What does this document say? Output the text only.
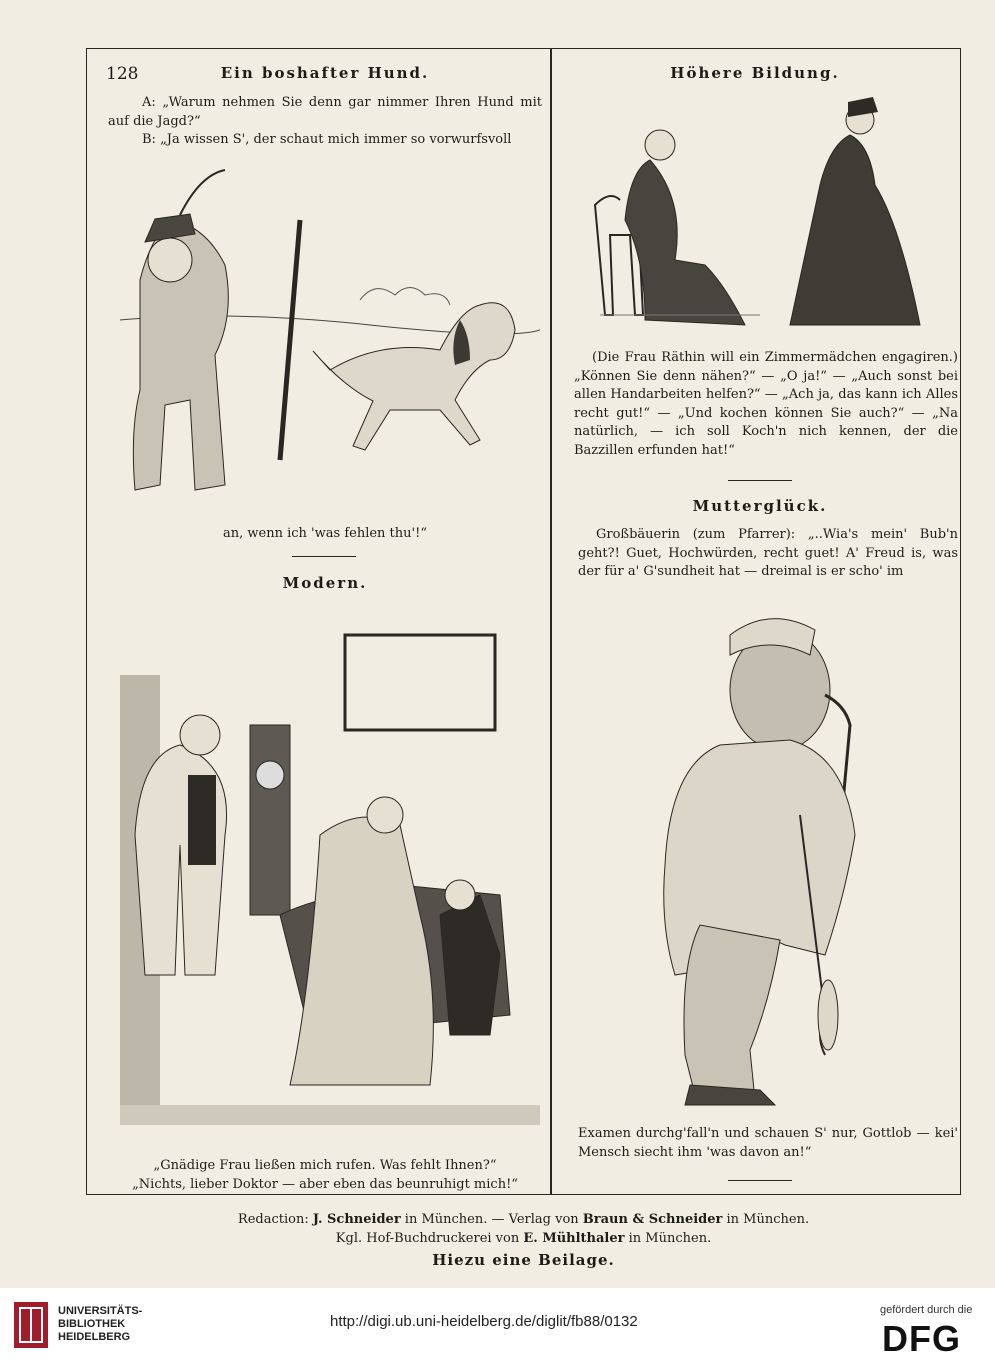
128	Ein boshafter Hund.

A: „Warum nehmen Sie denn gar nimmer Ihren Hund mit auf die Jagd?“

B: „Ja wissen S', der schaut mich immer so vorwurfsvoll

an, wenn ich 'was fehlen thu'!“
Modern.
„Gnädige Frau ließen mich rufen. Was fehlt Ihnen?“
„Nichts, lieber Doktor — aber eben das beunruhigt mich!“
Höhere Bildung.
(Die Frau Räthin will ein Zimmermädchen engagiren.) „Können Sie denn nähen?“ — „O ja!“ — „Auch sonst bei allen Handarbeiten helfen?“ — „Ach ja, das kann ich Alles recht gut!“ — „Und kochen können Sie auch?“ — „Na natürlich, — ich soll Koch'n nich kennen, der die Bazzillen erfunden hat!“
Mutterglück.
Großbäuerin (zum Pfarrer): „..Wia's mein' Bub'n geht?! Guet, Hochwürden, recht guet! A' Freud is, was der für a' G'sundheit hat — dreimal is er scho' im
Examen durchg'fall'n und schauen S' nur, Gottlob — kei' Mensch siecht ihm 'was davon an!“
Redaction: J. Schneider in München. — Verlag von Braun & Schneider in München.
Kgl. Hof-Buchdruckerei von E. Mühlthaler in München.
Hiezu eine Beilage.
UNIVERSITÄTS-
BIBLIOTHEK
HEIDELBERG
http://digi.ub.uni-heidelberg.de/diglit/fb88/0132
gefördert durch die
DFG
